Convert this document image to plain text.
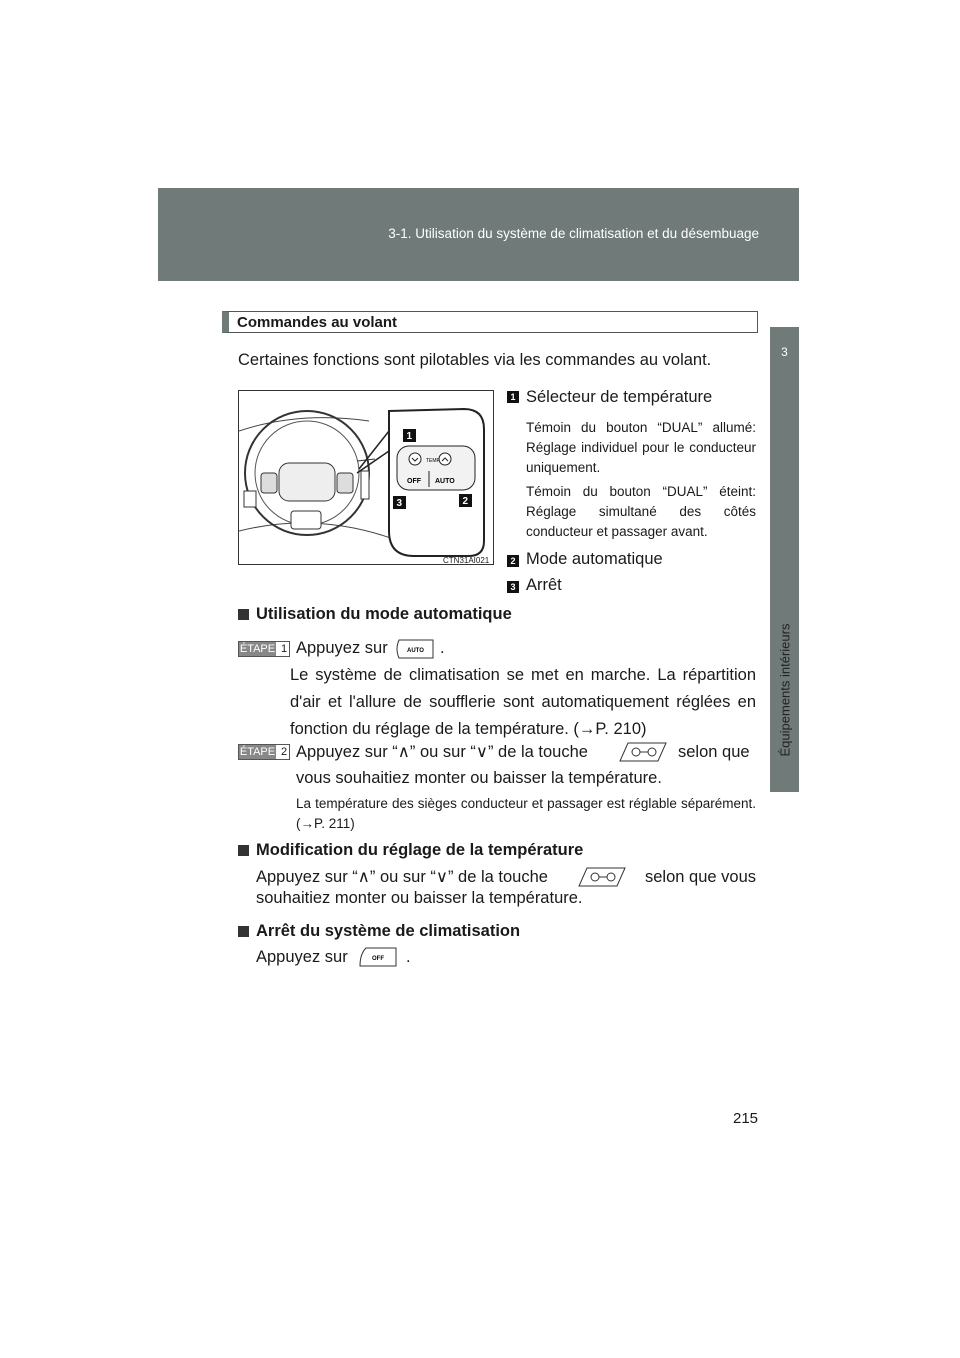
3-1. Utilisation du système de climatisation et du désembuage
3
Équipements intérieurs
Commandes au volant
Certaines fonctions sont pilotables via les commandes au volant.
TEMP
OFF AUTO
1
2
3
CTN31AI021
1 Sélecteur de température
Témoin du bouton “DUAL” allumé: Réglage individuel pour le conducteur uniquement.
Témoin du bouton “DUAL” éteint: Réglage simultané des côtés conducteur et passager avant.
2 Mode automatique
3 Arrêt
Utilisation du mode automatique
ÉTAPE 1 Appuyez sur	AUTO .
Le système de climatisation se met en marche. La répartition d'air et l'allure de soufflerie sont automatiquement réglées en fonction du réglage de la température. (→P. 210)
ÉTAPE 2 Appuyez sur “∧” ou sur “∨” de la touche	selon que
vous souhaitiez monter ou baisser la température.
La température des sièges conducteur et passager est réglable séparément. (→P. 211)
Modification du réglage de la température
Appuyez sur “∧” ou sur “∨” de la touche	selon que vous
souhaitiez monter ou baisser la température.
Arrêt du système de climatisation
Appuyez sur	OFF .
215
